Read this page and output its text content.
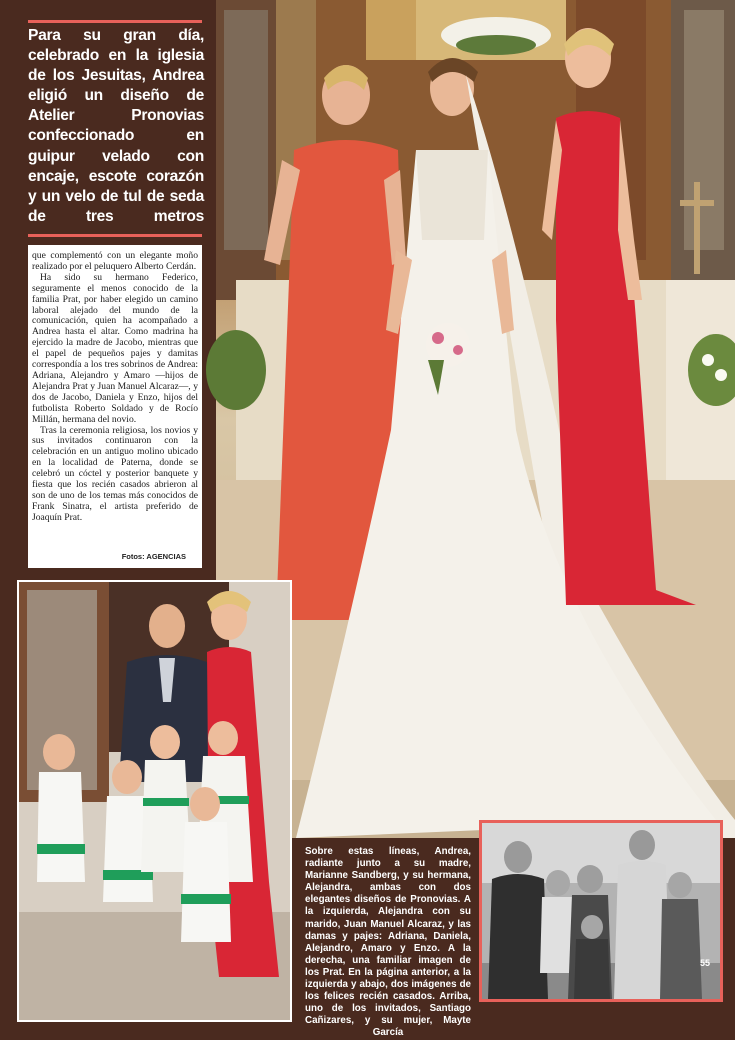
Para su gran día, celebrado en la iglesia de los Jesuitas, Andrea eligió un diseño de Atelier Pronovias confeccionado en guipur velado con encaje, escote corazón y un velo de tul de seda de tres metros

que complementó con un elegante moño realizado por el peluquero Alberto Cerdán.

Ha sido su hermano Federico, seguramente el menos conocido de la familia Prat, por haber elegido un camino laboral alejado del mundo de la comunicación, quien ha acompañado a Andrea hasta el altar. Como madrina ha ejercido la madre de Jacobo, mientras que el papel de pequeños pajes y damitas correspondía a los tres sobrinos de Andrea: Adriana, Alejandro y Amaro —hijos de Alejandra Prat y Juan Manuel Alcaraz—, y dos de Jacobo, Daniela y Enzo, hijos del futbolista Roberto Soldado y de Rocío Millán, hermana del novio.

Tras la ceremonia religiosa, los novios y sus invitados continuaron con la celebración en un antiguo molino ubicado en la localidad de Paterna, donde se celebró un cóctel y posterior banquete y fiesta que los recién casados abrieron al son de uno de los temas más conocidos de Frank Sinatra, el artista preferido de Joaquín Prat.

Fotos: AGENCIAS
Sobre estas líneas, Andrea, radiante junto a su madre, Marianne Sandberg, y su hermana, Alejandra, ambas con dos elegantes diseños de Pronovias. A la izquierda, Alejandra con su marido, Juan Manuel Alcaraz, y las damas y pajes: Adriana, Daniela, Alejandro, Amaro y Enzo. A la derecha, una familiar imagen de los Prat. En la página anterior, a la izquierda y abajo, dos imágenes de los felices recién casados. Arriba, uno de los invitados, Santiago Cañizares, y su mujer, Mayte García
55
